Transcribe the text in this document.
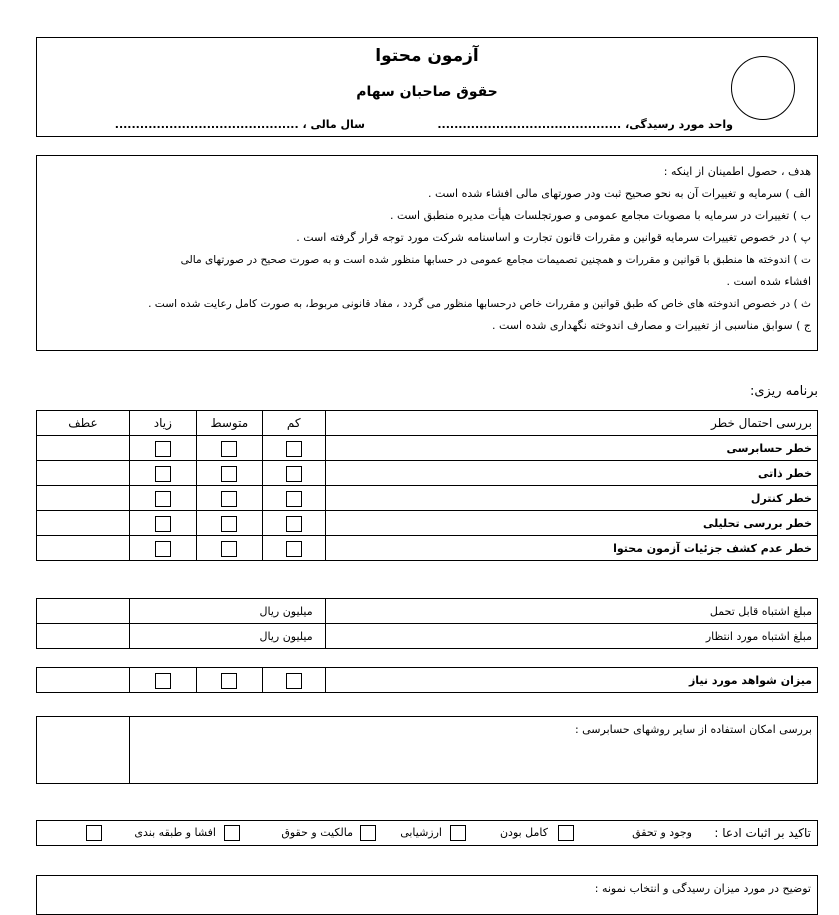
آزمون محتوا
حقوق صاحبان سهام
واحد مورد رسیدگی، ............................................
سال مالی ، ............................................
هدف ، حصول اطمینان از اینکه :
الف ) سرمایه و تغییرات آن به نحو صحیح ثبت ودر صورتهای مالی افشاء شده است .
ب ) تغییرات در سرمایه با مصوبات مجامع عمومی و صورتجلسات هیأت مدیره منطبق است .
پ ) در خصوص تغییرات سرمایه قوانین و مقررات قانون تجارت و اساسنامه شرکت مورد توجه قرار گرفته است .
ت ) اندوخته ها منطبق با قوانین و مقررات و همچنین تصمیمات مجامع عمومی در حسابها منظور شده است و به صورت صحیح در صورتهای مالی
افشاء شده است .
ث ) در خصوص اندوخته های خاص که طبق قوانین و مقررات خاص درحسابها منظور می گردد ، مفاد قانونی مربوط، به صورت کامل رعایت شده است .
ج ) سوابق مناسبی از تغییرات و مصارف اندوخته نگهداری شده است .
برنامه ریزی:
عطف	زیاد	متوسط	کم	بررسی احتمال خطر
				خطر حسابرسی
				خطر ذاتی
				خطر کنترل
				خطر بررسی تحلیلی
				خطر عدم کشف جزئیات آزمون محتوا
	میلیون ریال	مبلغ اشتباه قابل تحمل
	میلیون ریال	مبلغ اشتباه مورد انتظار
				میزان شواهد مورد نیاز
	بررسی امکان استفاده از سایر روشهای حسابرسی :
تاکید بر اثبات ادعا :
وجود و تحقق
کامل بودن
ارزشیابی
مالکیت و حقوق
افشا و طبقه بندی
توضیح در مورد میزان رسیدگی و انتخاب نمونه :
